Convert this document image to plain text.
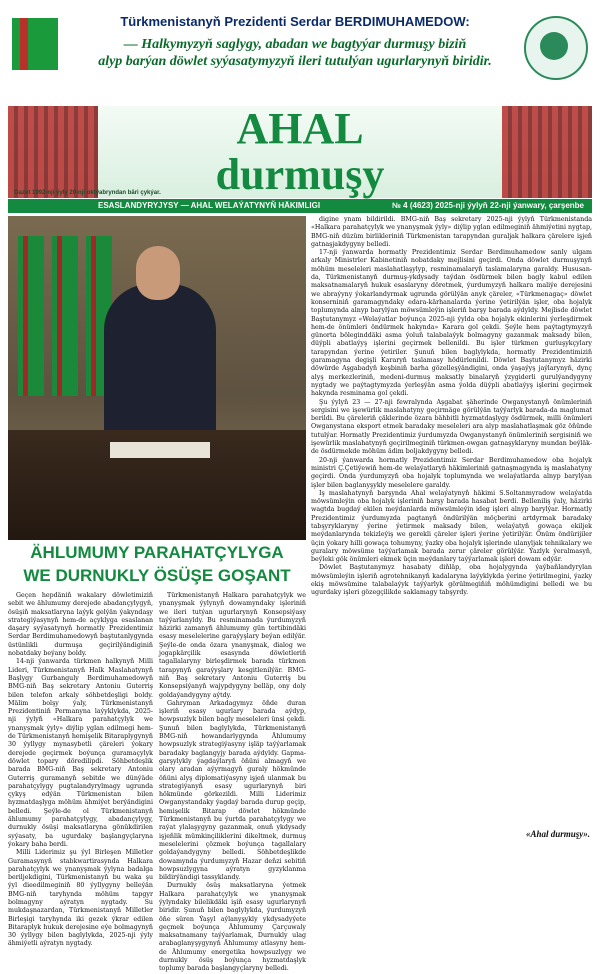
Türkmenistanyň Prezidenti Serdar BERDIMUHAMEDOW:
— Halkymyzyň saglygy, abadan we bagtyýar durmuşy biziň
alyp barýan döwlet syýasatymyzyň ileri tutulýan ugurlarynyň biridir.
AHAL
durmuşy
Gazet 1992-nji ýyly 20-nji oktýabryndan bäri çykýar.
ESASLANDYRYJYSY — AHAL WELAÝATYNYŇ HÄKIMLIGI	№ 4 (4623) 2025-nji ýylyň 22-nji ýanwary, çarşenbe
ÄHLUMUMY PARAHATÇYLYGA
WE DURNUKLY ÖSÜŞE GOŞANT

Geçen hepdäniň wakalary döwletimiziň sebit we ählumumy derejede abadançylygyň, ösüşiň maksatlaryna laýyk gelýän ýakyndaşy strategiýasynyň hem-de açyklyga esaslanan daşary syýasatynyň hormatly Prezidentimiz Serdar Berdimuhamedowyň baştutanlygynda üstünlikli durmuşa geçirilýändiginiň nobatdaky beýany boldy.

14-nji ýanwarda türkmen halkynyň Milli Lideri, Türkmenistanyň Halk Maslahatynyň Başlygy Gurbanguly Berdimuhamedowyň BMG-niň Baş sekretary Antoniu Guterriş bilen telefon arkaly söhbetdeşligi boldy. Mälim bolşy ýaly, Türkmenistanyň Prezidentiniň Permanyna laýyklykda, 2025-nji ýylyň «Halkara parahatçylyk we ynanyşmak ýyly» diýlip yglan edilmegi hem-de Türkmenistanyň hemişelik Bitaraplygynyň 30 ýyllygy mynasybetli çäreleri ýokary derejede geçirmek boýunça guramaçylyk döwlet topary döredilipdi. Söhbetdeşlik barada BMG-niň Baş sekretary Antoniu Guterriş guramanyň sebitde we dünýäde parahatçylygy pugtalandyrylmagy ugrunda çykyş edýän Türkmenistan bilen hyzmatdaşlyga möhüm ähmiýet berýändigini belledi. Şeýle-de ol Türkmenistanyň ählumumy parahatçylygy, abadançylygy, durnukly ösüşi maksatlaryna gönükdirilen syýasaty, ba ugurdaky başlangyçlaryna ýokary baha berdi.

Milli Liderimiz şu ýyl Birleşen Milletler Guramasynyň stabkwartirasynda Halkara parahatçylyk we ynanyşmak ýylyna badalga beriljekdigini, Türkmenistanyň bu waka şu ýyl dieedilmeginiň 80 ýyllygyny belleýän BMG-niň taryhynda möhüm tapgyr bolmagyny aýratyn nygtady. Su mukdaşnazardan, Türkmenistanyň Milletler Birleşigi taryhynda iki gezek ýkrar edilen Bitaraplyk hukuk derejesine eýe bolmagynyň 30 ýyllygy bilen baglylykda, 2025-nji ýyly ähmiýetli aýratyn nygtady.

Türkmenistanyň Halkara parahatçylyk we ynanyşmak ýylynyň dowamyndaky işleriniň we ileri tutýan ugurlarynyň Konsepsiýasy taýýarlanyldy. Bu resminamada ýurdumyzyň häzirki zamanyň ählumumy gün tertibindäki esasy meselelerine garaýyşlary beýan edilýär. Şeýle-de onda özara ynanyşmak, dialog we jogapkärçilik esasynda döwletleriň tagallalaryny birleşdirmek barada türkmen tarapynyň garaýyşlary kesgitlenilýär. BMG-niň Baş sekretary Antoniu Guterriş bu Konsepsiýanyň wajypdygyny belläp, ony doly goldaýandygyny aýtdy.

Gahryman Arkadagymyz öňde duran işleriň esasy ugurlary barada aýdyp, howpsuzlyk bilen bagly meseleleri ünsi çekdi. Şunuň bilen baglylykda, Türkmenistanyň BMG-niň howandarlygynda Ählumumy howpsuzlyk strategiýasyny işläp taýýarlamak baradaky baglangyjy barada aýdyldy. Gapma-garşylykly ýagdaýlaryň öňüni almagyň we olary aradan aýyrmagyň guraly hökmünde öňüni alyş diplomatiýasyny işjeň ulanmak bu strategiýanyň esasy ugurlarynyň biri hökmünde görkezildi. Milli Liderimiz Owganystandaky ýagdaý barada durup geçip, hemişelik Bitarap döwlet hökmünde Türkmenistanyň bu ýurtda parahatçylygy we raýat ylalaşygyny gazanmak, onuň ykdysady işjeňlik mümkinçiliklerini dikeltmek, durmuş meselelerini çözmek boýunça tagallalary goldaýandygyny belledi. Söhbetdeşlikde dowamynda ýurdumyzyň Hazar deňzi sebitiň howpsuzlygyna aýratyn gyzyklanma bildirýändigi tassyklandy.

Durnukly ösüş maksatlaryna ýetmek Halkara parahatçylyk we ynanyşmak ýylyndaky bilelikdäki işiň esasy ugurlarynyň biridir. Şunuň bilen baglylykda, ýurdumyzyň öňe süren Ýaşyl aýlanyşykly ykdysadyýete geçmek boýunça Ählumumy Çarçuwaly maksatnamany taýýarlamak, Durnukly ulag arabaglanyşygynyň Ählumumy atlasyny hem-de Ählumumy energetika howpsuzlygy we durnukly ösüş boýunça hyzmatdaşlyk toplumy barada başlangyçlaryny belledi.

diginе ynam bildirildi. BMG-niň Baş sekretary 2025-nji ýylyň Türkmenistanda «Halkara parahatçylyk we ynanyşmak ýyly» diýlip yglan edilmeginiň ähmiýetini nygtap, BMG-niň düzüm birlikleriniň Türkmenistan tarapyndan guralјak halkara çärelere işjeň gatnaşjakdygyny belledi.

17-nji ýanwarda hormatly Prezidentimiz Serdar Berdimuhamedow sanly ulgam arkaly Ministrler Kabinetiniň nobatdaky mejlisini geçirdi. Onda döwlet durmuşynyň möhüm meseleleri maslahatlaşylyp, resminamalaryň taslamalaryna garaldy. Hususan-da, Türkmenistanyň durmuş-ykdysady taýdan ösdürmek bilen bagly kabul edilen maksatnamalaryň hukuk esaslaryny döretmek, ýurdumyzyň halkara maliýe derejesini we abraýyny ýokarlandyrmak ugrunda görülýän anyk çäreler, «Türkmenagaç» döwlet konserniniň garamagyndaky edara-kärhanalarda ýerine ýetirilýän işler, oba hojalyk toplumynda alnyp barylýan möwsümleýin işleriň barşy barada aýdyldy. Mejlisde döwlet Baştutanymyz «Welaýatlar boýunça 2025-nji ýylda oba hojalyk ekinlerini ýerleşdirmek hem-de önümleri öndürmek hakynda» Karara gol çekdi. Şeýle hem paýtagtymyzyň günorta böleginddäki asma ýoluň talabalaýyk bolmagyny gazanmak maksady bilen, düýpli abatlaýyş işlerini geçirmek bellenildi. Bu işler türkmen gurluşykçylary tarapyndan ýerine ýetiriler. Şunuň bilen baglylykda, hormatly Prezidentimiziň garamagyna degişli Kararyň taslamasy hödürlenildi. Döwlet Baştutanymyz häzirki döwürde Aşgabadyň keşbiniň barha gözelleşýändigini, onda ýaşaýyş jaýlarynyň, dynç alyş merkezleriniň, medeni-durmuş maksatly binalaryň ýzygiderli gurulýandygyny nygtady we paýtagtymyzda ýerleşýän asma ýolda düýpli abatlaýyş işlerini geçirmek hakynda resminama gol çekdi.

Şu ýylyň 23 — 27-nji fewralynda Aşgabat şäherinde Owganystanyň önümleriniň sergisini we işewürlik maslahatyny geçirmäge görülýän taýýarlyk barada-da maglumat berildi. Bu çäreleriň çäklerinde özara bähbitli hyzmatdaşlygy ösdürmek, milli önümleri Owganystana eksport etmek baradaky meseleleri ara alyp maslahatlaşmak göz öňünde tutulýar. Hormatly Prezidentimiz ýurdumyzda Owganystanyň önümleriniň sergisiniň we işewürlik maslahatynyň geçirilmeginiň türkmen-owgan gatnaşyklaryny mundan beýläk-de ösdürmekde möhüm ädim boljakdygyny belledi.

20-nji ýanwarda hormatly Prezidentimiz Serdar Berdimuhamedow oba hojalyk ministri Ç.Çetiýewiň hem-de welaýatlaryň häkimleriniň gatnaşmagynda iş maslahatyny geçirdi. Onda ýurdumyzyň oba hojalyk toplumynda we welaýatlarda alnyp barylýan işler bilen baglanyşykly meselelere garaldy.

Iş maslahatynyň barşynda Ahal welaýatynyň häkimi S.Soltanmyradow welaýatda möwsümleýin oba hojalyk işleriniň barşy barada hasabat berdi. Belleniliş ýaly, häzirki wagtda bugdaý ekilen meýdanlarda möwsümleýin ideg işleri alnyp barylýar. Hormatly Prezidentimiz ýurdumyzda pagtanyň öndürilýän möçberini artdyrmak baradaky tabşyryklaryny ýerine ýetirmek maksady bilen, welaýatyň gowaça ekiljek meýdanlarynda tekizleýiş we gerekli çäreler işleri ýerine ýetirilýär. Önüm öndürijiler üçin ýokary hilli gowaça tohumyny, ýazky oba hojalyk işlerinde ulanyljak tehnikalary we guralary möwsüme taýýarlamak barada zerur çäreler görülýär. Ýazlyk ýeralmasyň, beýleki gök önümleri ekmek üçin meýdanlary taýýarlamak işleri dowam edýär.

Döwlet Baştutanymyz hasabaty diňläp, oba hojalygynda ýaýbaňlandyrylan möwsümleýin işleriň agrotehnikanyň kadalaryna laýyklykda ýerine ýetirilmegini, ýazky ekiş möwsümine talabalaýyk taýýarlyk görülmegiňiň möhümdigini belledi we bu ugurdaky işleri gözegçilikde saklamagy tabşyrdy.

«Ahal durmuşy».
